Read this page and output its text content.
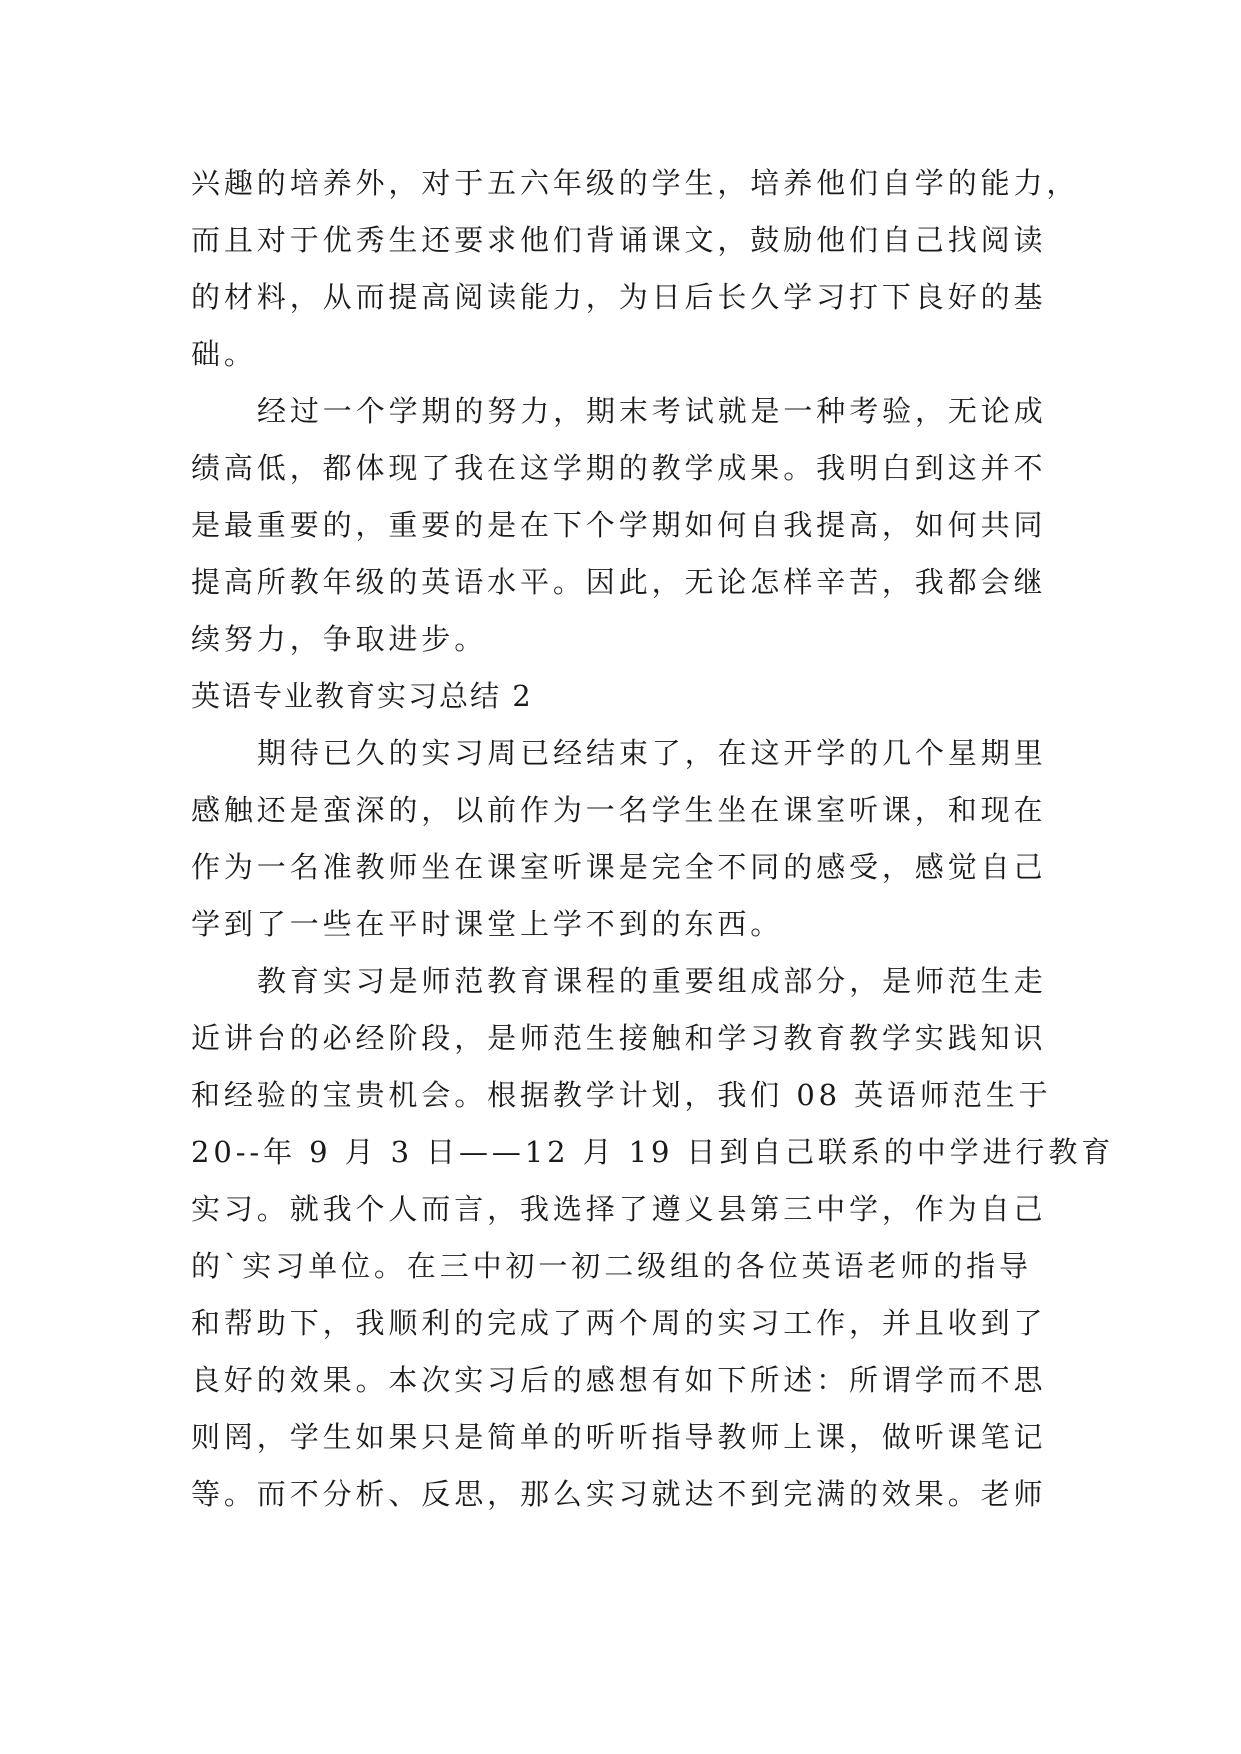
兴趣的培养外，对于五六年级的学生，培养他们自学的能力，
而且对于优秀生还要求他们背诵课文，鼓励他们自己找阅读
的材料，从而提高阅读能力，为日后长久学习打下良好的基
础。
经过一个学期的努力，期末考试就是一种考验，无论成
绩高低，都体现了我在这学期的教学成果。我明白到这并不
是最重要的，重要的是在下个学期如何自我提高，如何共同
提高所教年级的英语水平。因此，无论怎样辛苦，我都会继
续努力，争取进步。
英语专业教育实习总结 2
期待已久的实习周已经结束了，在这开学的几个星期里
感触还是蛮深的，以前作为一名学生坐在课室听课，和现在
作为一名准教师坐在课室听课是完全不同的感受，感觉自己
学到了一些在平时课堂上学不到的东西。
教育实习是师范教育课程的重要组成部分，是师范生走
近讲台的必经阶段，是师范生接触和学习教育教学实践知识
和经验的宝贵机会。根据教学计划，我们 08 英语师范生于
20--年 9 月 3 日——12 月 19 日到自己联系的中学进行教育
实习。就我个人而言，我选择了遵义县第三中学，作为自己
的`实习单位。在三中初一初二级组的各位英语老师的指导
和帮助下，我顺利的完成了两个周的实习工作，并且收到了
良好的效果。本次实习后的感想有如下所述：所谓学而不思
则罔，学生如果只是简单的听听指导教师上课，做听课笔记
等。而不分析、反思，那么实习就达不到完满的效果。老师
